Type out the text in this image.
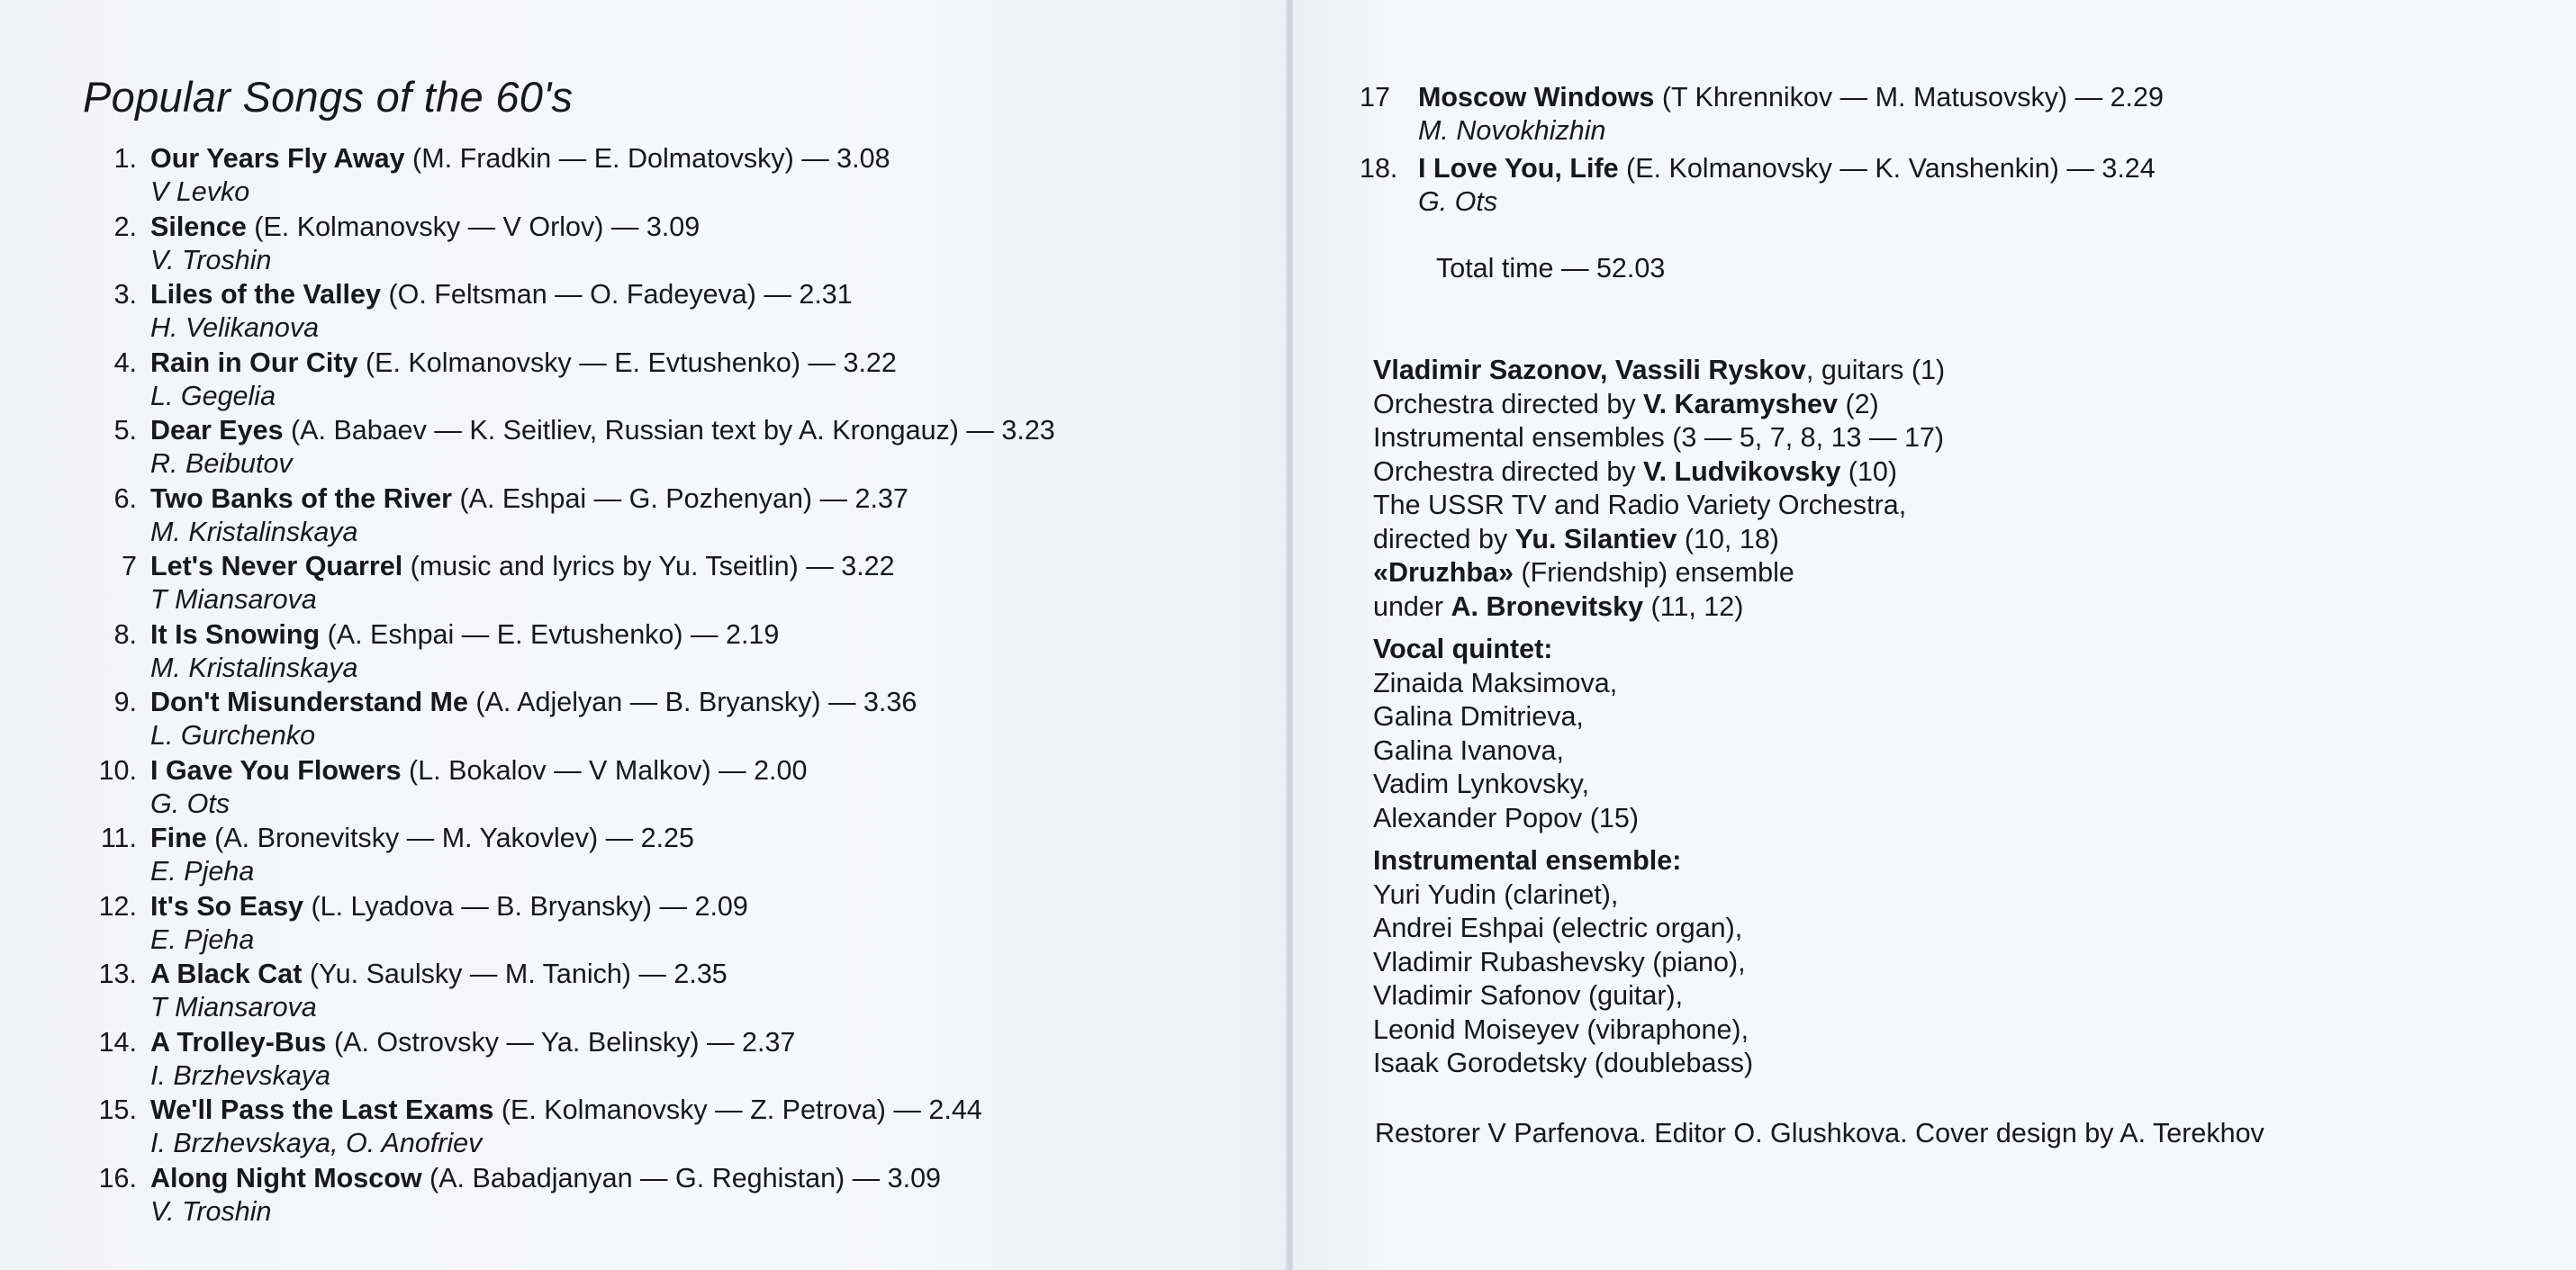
Popular Songs of the 60's
1. Our Years Fly Away (M. Fradkin — E. Dolmatovsky) — 3.08
V Levko
2. Silence (E. Kolmanovsky — V Orlov) — 3.09
V. Troshin
3. Liles of the Valley (O. Feltsman — O. Fadeyeva) — 2.31
H. Velikanova
4. Rain in Our City (E. Kolmanovsky — E. Evtushenko) — 3.22
L. Gegelia
5. Dear Eyes (A. Babaev — K. Seitliev, Russian text by A. Krongauz) — 3.23
R. Beibutov
6. Two Banks of the River (A. Eshpai — G. Pozhenyan) — 2.37
M. Kristalinskaya
7 Let's Never Quarrel (music and lyrics by Yu. Tseitlin) — 3.22
T Miansarova
8. It Is Snowing (A. Eshpai — E. Evtushenko) — 2.19
M. Kristalinskaya
9. Don't Misunderstand Me (A. Adjelyan — B. Bryansky) — 3.36
L. Gurchenko
10. I Gave You Flowers (L. Bokalov — V Malkov) — 2.00
G. Ots
11. Fine (A. Bronevitsky — M. Yakovlev) — 2.25
E. Pjeha
12. It's So Easy (L. Lyadova — B. Bryansky) — 2.09
E. Pjeha
13. A Black Cat (Yu. Saulsky — M. Tanich) — 2.35
T Miansarova
14. A Trolley-Bus (A. Ostrovsky — Ya. Belinsky) — 2.37
I. Brzhevskaya
15. We'll Pass the Last Exams (E. Kolmanovsky — Z. Petrova) — 2.44
I. Brzhevskaya, O. Anofriev
16. Along Night Moscow (A. Babadjanyan — G. Reghistan) — 3.09
V. Troshin
17 Moscow Windows (T Khrennikov — M. Matusovsky) — 2.29
M. Novokhizhin
18. I Love You, Life (E. Kolmanovsky — K. Vanshenkin) — 3.24
G. Ots
Total time — 52.03
Vladimir Sazonov, Vassili Ryskov, guitars (1)
Orchestra directed by V. Karamyshev (2)
Instrumental ensembles (3 — 5, 7, 8, 13 — 17)
Orchestra directed by V. Ludvikovsky (10)
The USSR TV and Radio Variety Orchestra,
directed by Yu. Silantiev (10, 18)
«Druzhba» (Friendship) ensemble
under A. Bronevitsky (11, 12)
Vocal quintet:
Zinaida Maksimova,
Galina Dmitrieva,
Galina Ivanova,
Vadim Lynkovsky,
Alexander Popov (15)
Instrumental ensemble:
Yuri Yudin (clarinet),
Andrei Eshpai (electric organ),
Vladimir Rubashevsky (piano),
Vladimir Safonov (guitar),
Leonid Moiseyev (vibraphone),
Isaak Gorodetsky (doublebass)
Restorer V Parfenova. Editor O. Glushkova. Cover design by A. Terekhov
